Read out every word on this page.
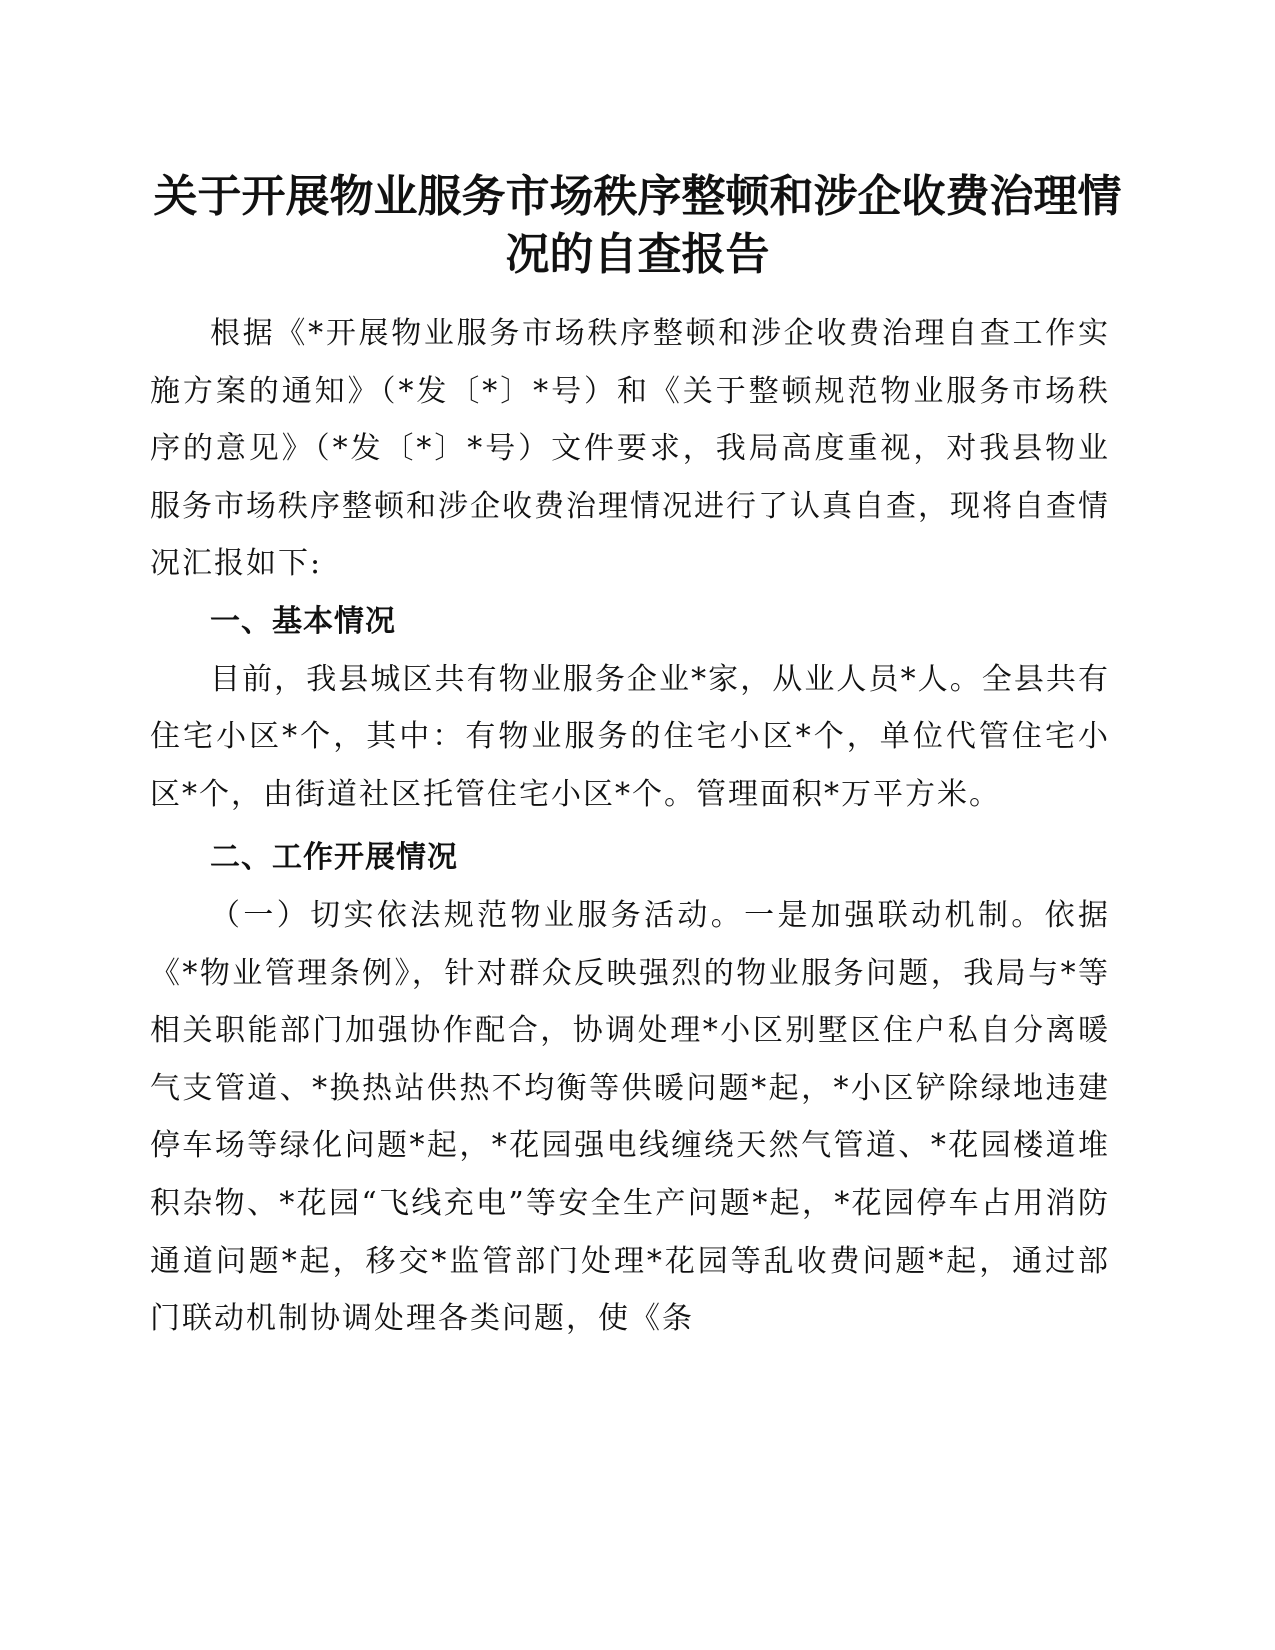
关于开展物业服务市场秩序整顿和涉企收费治理情况的自查报告

根据《*开展物业服务市场秩序整顿和涉企收费治理自查工作实施方案的通知》（*发〔*〕*号）和《关于整顿规范物业服务市场秩序的意见》（*发〔*〕*号）文件要求，我局高度重视，对我县物业服务市场秩序整顿和涉企收费治理情况进行了认真自查，现将自查情况汇报如下:

一、基本情况

目前，我县城区共有物业服务企业*家，从业人员*人。全县共有住宅小区*个，其中：有物业服务的住宅小区*个，单位代管住宅小区*个，由街道社区托管住宅小区*个。管理面积*万平方米。

二、工作开展情况

（一）切实依法规范物业服务活动。一是加强联动机制。依据《*物业管理条例》，针对群众反映强烈的物业服务问题，我局与*等相关职能部门加强协作配合，协调处理*小区别墅区住户私自分离暖气支管道、*换热站供热不均衡等供暖问题*起，*小区铲除绿地违建停车场等绿化问题*起，*花园强电线缠绕天然气管道、*花园楼道堆积杂物、*花园“飞线充电”等安全生产问题*起，*花园停车占用消防通道问题*起，移交*监管部门处理*花园等乱收费问题*起，通过部门联动机制协调处理各类问题，使《条
